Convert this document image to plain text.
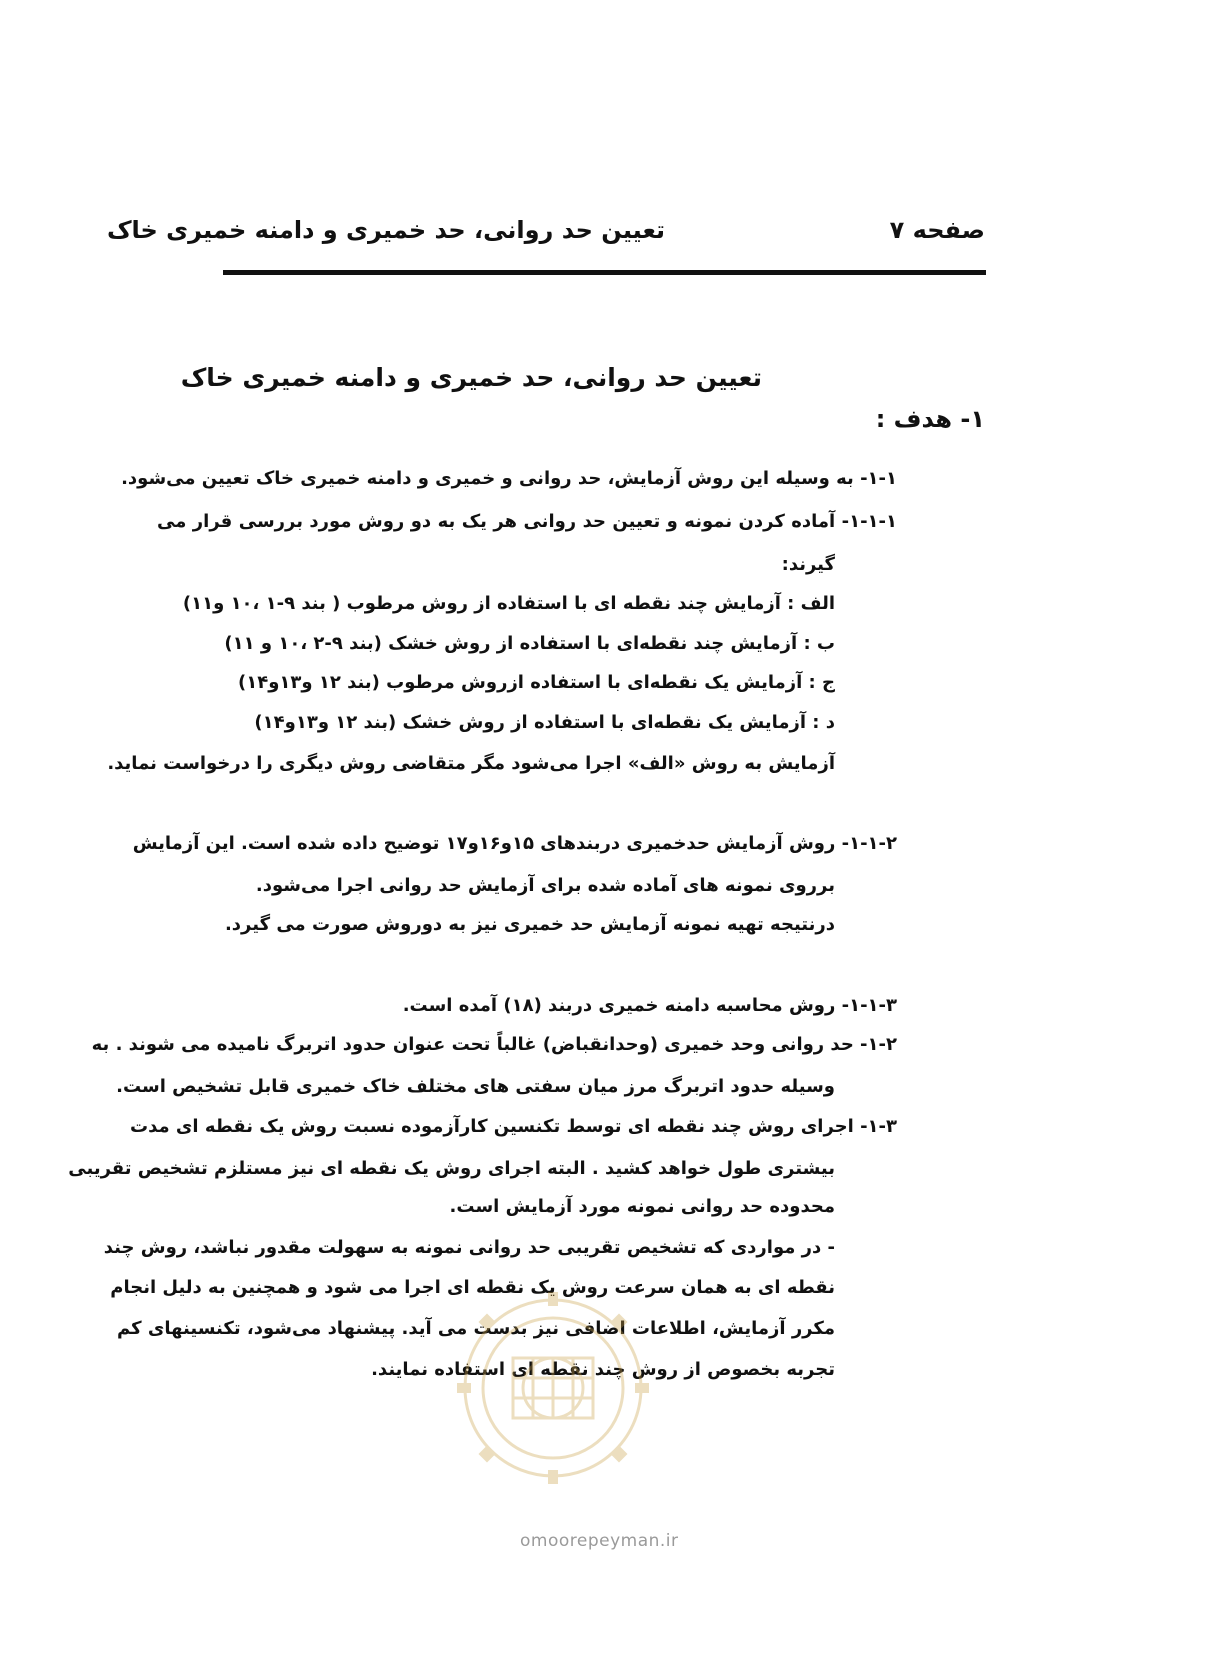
صفحه ۷
تعیین حد روانی، حد خمیری و دامنه خمیری خاک
تعیین حد روانی، حد خمیری و دامنه خمیری خاک
۱- هدف :
۱-۱- به وسیله این روش آزمایش، حد روانی و خمیری و دامنه خمیری خاک تعیین می‌شود.
۱-۱-۱- آماده کردن نمونه و تعیین حد روانی هر یک به دو روش مورد بررسی قرار می
گیرند:
الف : آزمایش چند نقطه ای با استفاده از روش مرطوب ( بند ۹-۱ ،۱۰ و۱۱)
ب : آزمایش چند نقطه‌ای با استفاده از روش خشک (بند ۹-۲ ،۱۰ و ۱۱)
ج : آزمایش یک نقطه‌ای با استفاده ازروش مرطوب (بند ۱۲ و۱۳و۱۴)
د : آزمایش یک نقطه‌ای با استفاده از روش خشک (بند ۱۲ و۱۳و۱۴)
آزمایش به روش «الف» اجرا می‌شود مگر متقاضی روش دیگری را درخواست نماید.
۱-۱-۲- روش آزمایش حدخمیری دربندهای ۱۵و۱۶و۱۷ توضیح داده شده است. این آزمایش
برروی نمونه های آماده شده برای آزمایش حد روانی اجرا می‌شود.
درنتیجه تهیه نمونه آزمایش حد خمیری نیز به دوروش صورت می گیرد.
۱-۱-۳- روش محاسبه دامنه خمیری دربند (۱۸) آمده است.
۱-۲- حد روانی وحد خمیری (وحدانقباض) غالباً تحت عنوان حدود اتربرگ نامیده می شوند . به
وسیله حدود اتربرگ مرز میان سفتی های مختلف خاک خمیری قابل تشخیص است.
۱-۳- اجرای روش چند نقطه ای توسط تکنسین کارآزموده نسبت روش یک نقطه ای مدت
بیشتری طول خواهد کشید . البته اجرای روش یک نقطه ای نیز مستلزم تشخیص تقریبی
محدوده حد روانی نمونه مورد آزمایش است.
- در مواردی که تشخیص تقریبی حد روانی نمونه به سهولت مقدور نباشد، روش چند
نقطه ای به همان سرعت روش یک نقطه ای اجرا می شود و همچنین به دلیل انجام
مکرر آزمایش، اطلاعات اضافی نیز بدست می آید. پیشنهاد می‌شود، تکنسینهای کم
تجربه بخصوص از روش چند نقطه ای استفاده نمایند.
omoorepeyman.ir
